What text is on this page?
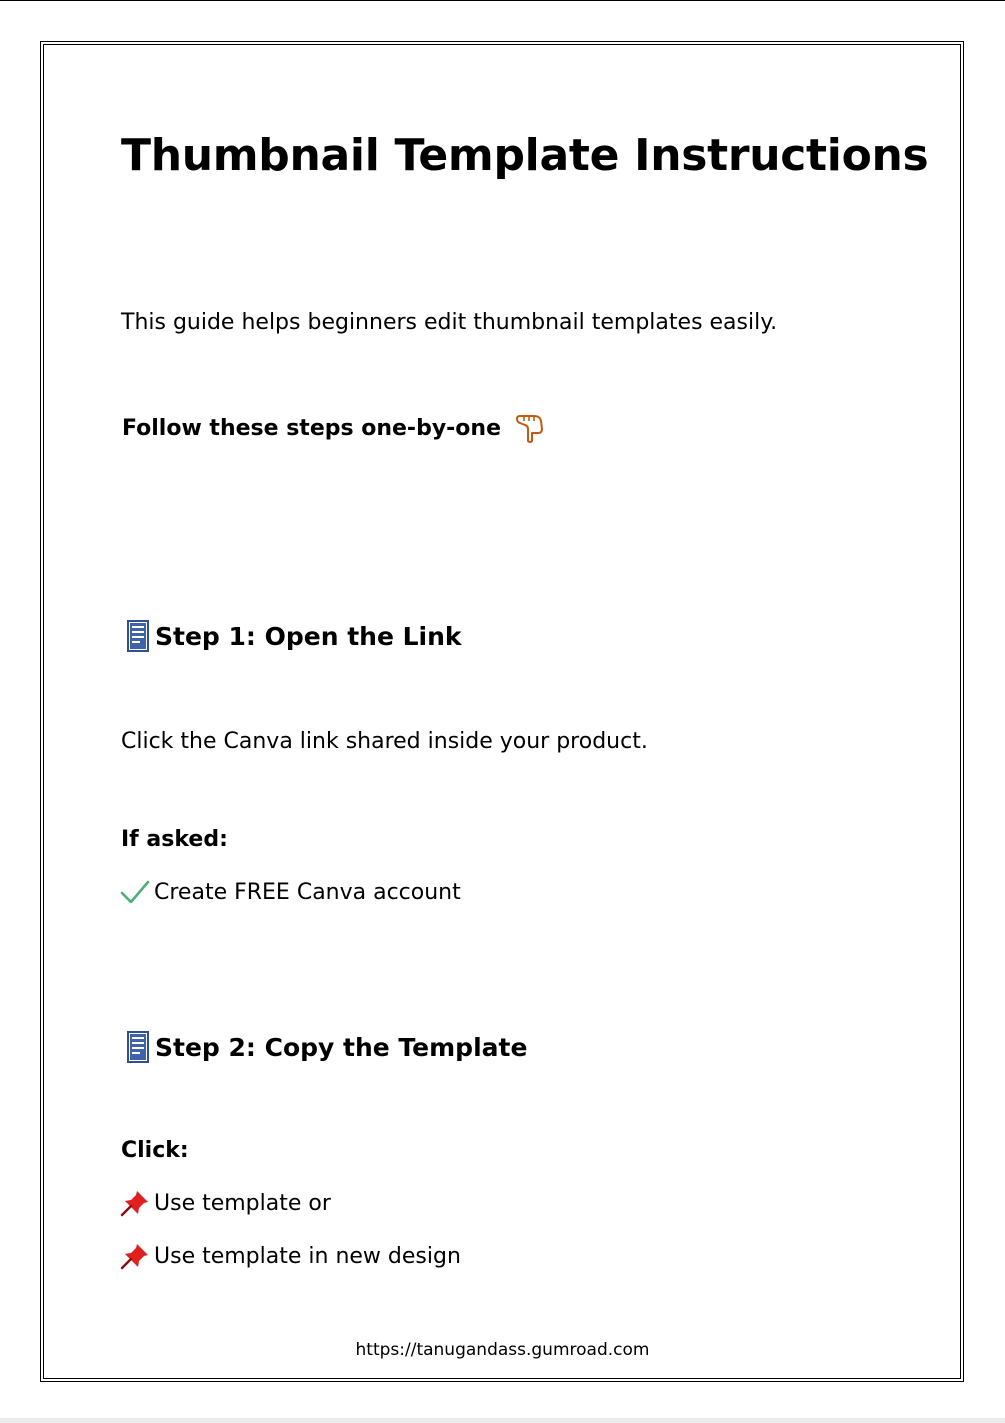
Thumbnail Template Instructions
This guide helps beginners edit thumbnail templates easily.
Follow these steps one-by-one
Step 1: Open the Link
Click the Canva link shared inside your product.
If asked:
Create FREE Canva account
Step 2: Copy the Template
Click:
Use template or
Use template in new design
https://tanugandass.gumroad.com
